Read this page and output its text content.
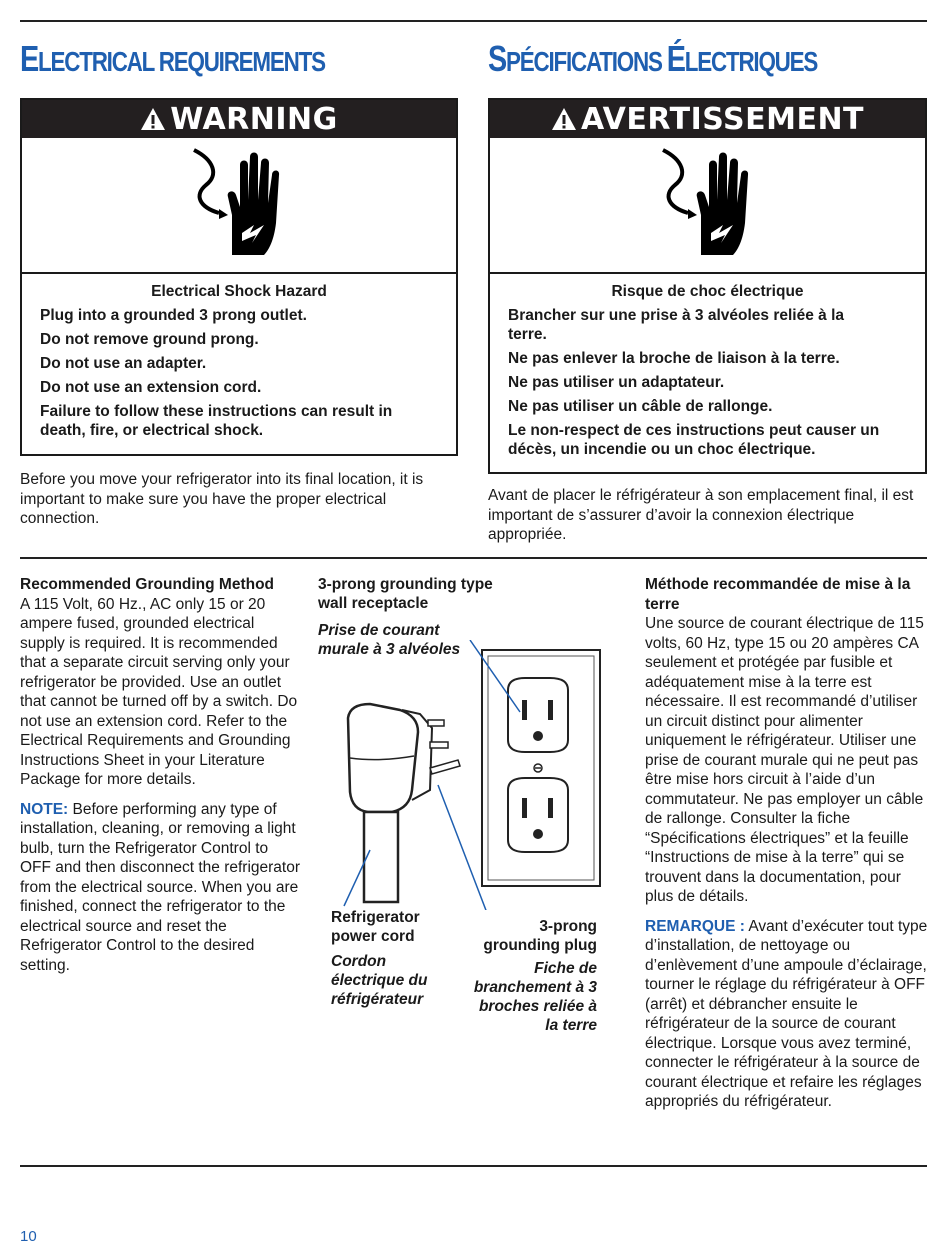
ELECTRICAL REQUIREMENTS	SPÉCIFICATIONS ÉLECTRIQUES
WARNING
Electrical Shock Hazard

Plug into a grounded 3 prong outlet.

Do not remove ground prong.

Do not use an adapter.

Do not use an extension cord.

Failure to follow these instructions can result in death, fire, or electrical shock.

AVERTISSEMENT
Risque de choc électrique

Brancher sur une prise à 3 alvéoles reliée à la terre.

Ne pas enlever la broche de liaison à la terre.

Ne pas utiliser un adaptateur.

Ne pas utiliser un câble de rallonge.

Le non-respect de ces instructions peut causer un décès, un incendie ou un choc électrique.

Before you move your refrigerator into its final location, it is important to make sure you have the proper electrical connection.
Avant de placer le réfrigérateur à son emplacement final, il est important de s’assurer d’avoir la connexion électrique appropriée.

Recommended Grounding Method
A 115 Volt, 60 Hz., AC only 15 or 20 ampere fused, grounded electrical supply is required. It is recommended that a separate circuit serving only your refrigerator be provided. Use an outlet that cannot be turned off by a switch. Do not use an extension cord. Refer to the Electrical Requirements and Grounding Instructions Sheet in your Literature Package for more details.

NOTE: Before performing any type of installation, cleaning, or removing a light bulb, turn the Refrigerator Control to OFF and then disconnect the refrigerator from the electrical source. When you are finished, connect the refrigerator to the electrical source and reset the Refrigerator Control to the desired setting.

3-prong grounding type wall receptacle
Prise de courant murale à 3 alvéoles
Refrigerator power cord
Cordon électrique du réfrigérateur
3-prong grounding plug
Fiche de branchement à 3 broches reliée à la terre

Méthode recommandée de mise à la terre
Une source de courant électrique de 115 volts, 60 Hz, type 15 ou 20 ampères CA seulement et protégée par fusible et adéquatement mise à la terre est nécessaire. Il est recommandé d’utiliser un circuit distinct pour alimenter uniquement le réfrigérateur. Utiliser une prise de courant murale qui ne peut pas être mise hors circuit à l’aide d’un commutateur. Ne pas employer un câble de rallonge. Consulter la fiche “Spécifications électriques” et la feuille “Instructions de mise à la terre” qui se trouvent dans la documentation, pour plus de détails.

REMARQUE : Avant d’exécuter tout type d’installation, de nettoyage ou d’enlèvement d’une ampoule d’éclairage, tourner le réglage du réfrigérateur à OFF (arrêt) et débrancher ensuite le réfrigérateur de la source de courant électrique. Lorsque vous avez terminé, connecter le réfrigérateur à la source de courant électrique et refaire les réglages appropriés du réfrigérateur.

10
